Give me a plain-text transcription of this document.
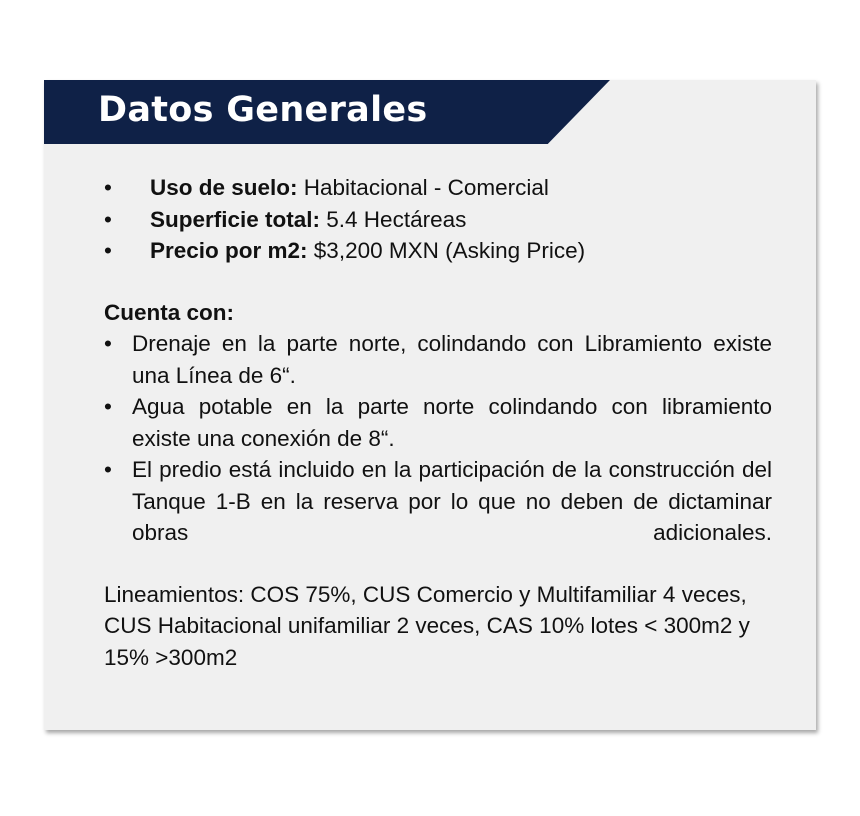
Datos Generales
• Uso de suelo: Habitacional - Comercial
• Superficie total: 5.4 Hectáreas
• Precio por m2: $3,200 MXN (Asking Price)
Cuenta con:
• Drenaje en la parte norte, colindando con Libramiento existe una Línea de 6“.
• Agua potable en la parte norte colindando con libramiento existe una conexión de 8“.
• El predio está incluido en la participación de la construcción del Tanque 1-B en la reserva por lo que no deben de dictaminar obras adicionales.
Lineamientos: COS 75%, CUS Comercio y Multifamiliar 4 veces, CUS Habitacional unifamiliar 2 veces, CAS 10% lotes < 300m2 y 15% >300m2
